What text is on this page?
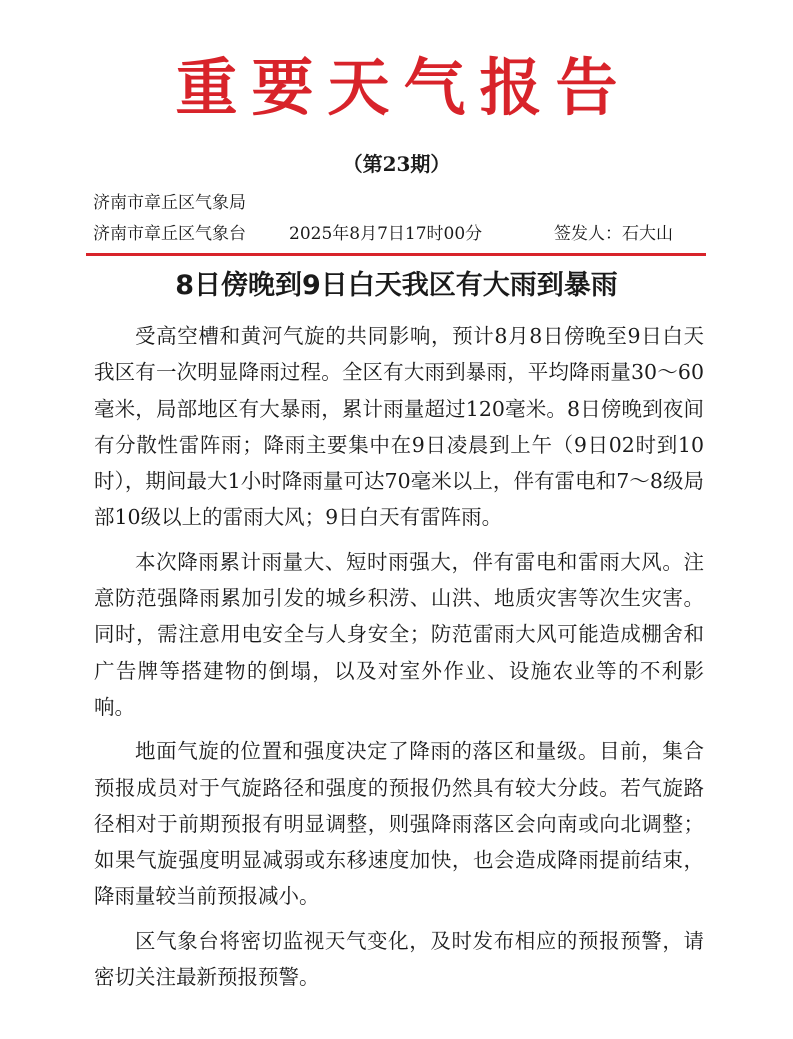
重要天气报告
（第23期）
济南市章丘区气象局
济南市章丘区气象台	2025年8月7日17时00分	签发人：石大山
8日傍晚到9日白天我区有大雨到暴雨

受高空槽和黄河气旋的共同影响，预计8月8日傍晚至9日白天我区有一次明显降雨过程。全区有大雨到暴雨，平均降雨量30～60毫米，局部地区有大暴雨，累计雨量超过120毫米。8日傍晚到夜间有分散性雷阵雨；降雨主要集中在9日凌晨到上午（9日02时到10时），期间最大1小时降雨量可达70毫米以上，伴有雷电和7～8级局部10级以上的雷雨大风；9日白天有雷阵雨。

本次降雨累计雨量大、短时雨强大，伴有雷电和雷雨大风。注意防范强降雨累加引发的城乡积涝、山洪、地质灾害等次生灾害。同时，需注意用电安全与人身安全；防范雷雨大风可能造成棚舍和广告牌等搭建物的倒塌，以及对室外作业、设施农业等的不利影响。

地面气旋的位置和强度决定了降雨的落区和量级。目前，集合预报成员对于气旋路径和强度的预报仍然具有较大分歧。若气旋路径相对于前期预报有明显调整，则强降雨落区会向南或向北调整；如果气旋强度明显减弱或东移速度加快，也会造成降雨提前结束，降雨量较当前预报减小。

区气象台将密切监视天气变化，及时发布相应的预报预警，请密切关注最新预报预警。
